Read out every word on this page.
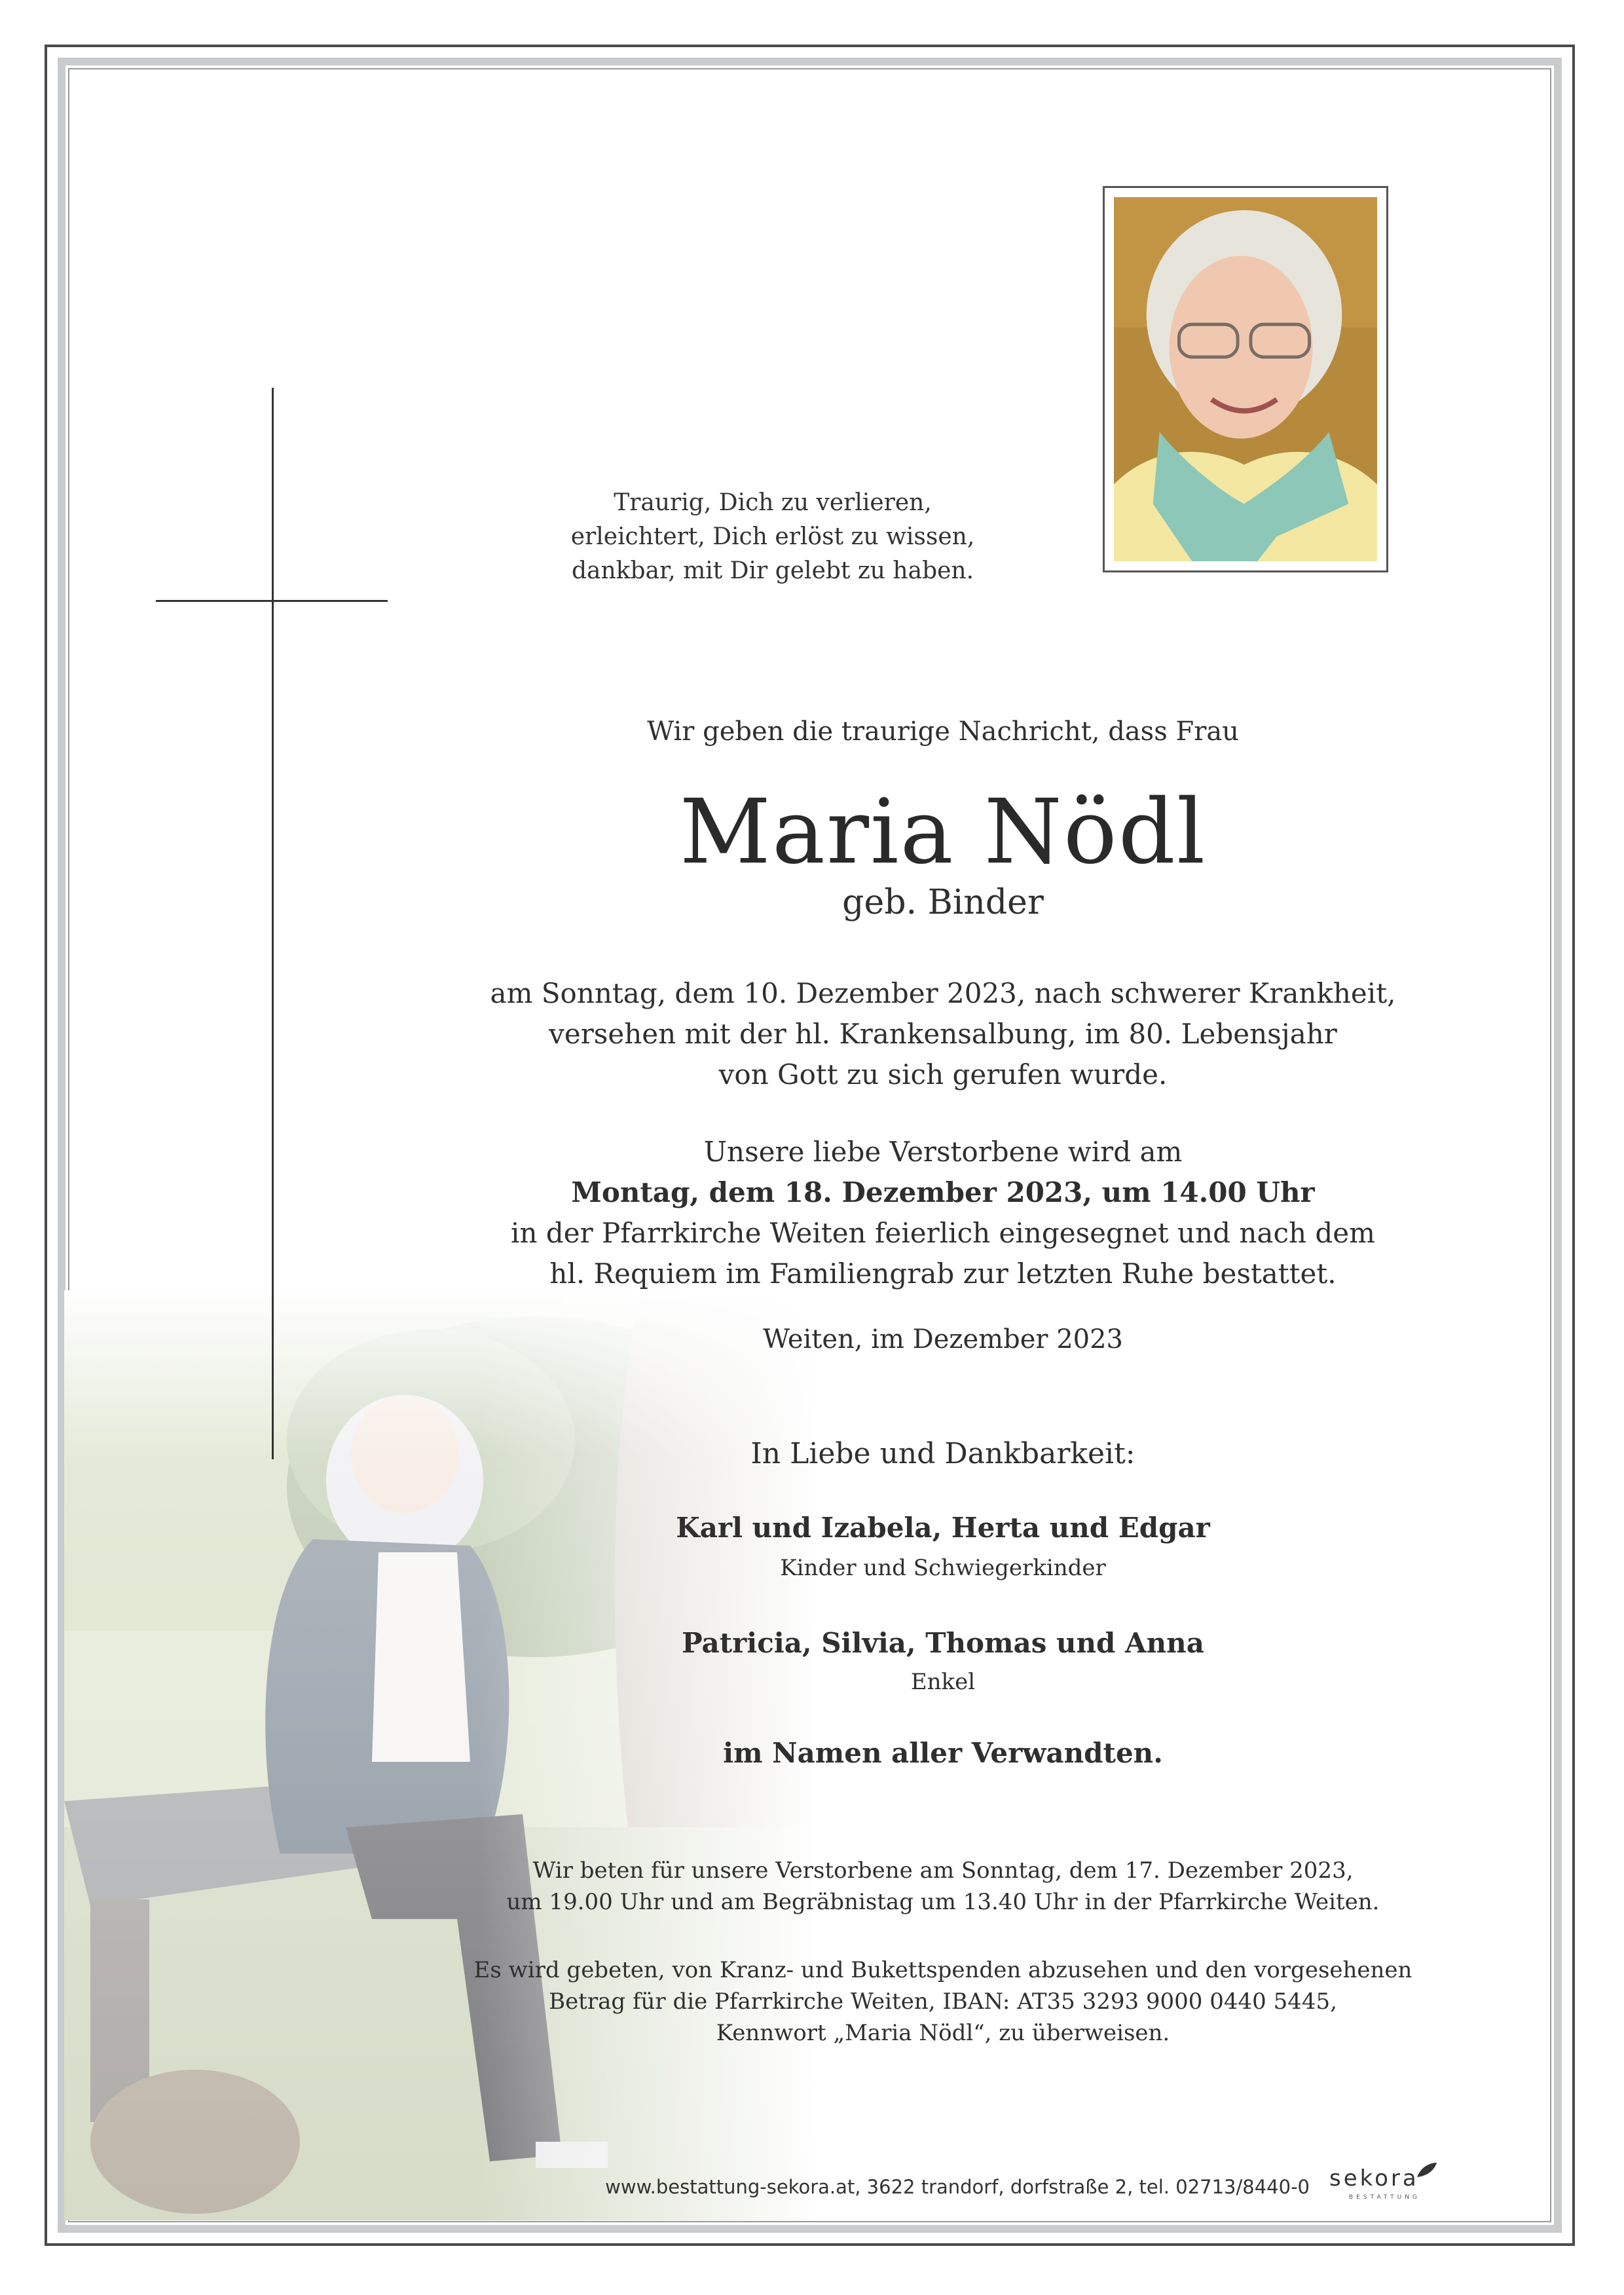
Traurig, Dich zu verlieren,
erleichtert, Dich erlöst zu wissen,
dankbar, mit Dir gelebt zu haben.
Wir geben die traurige Nachricht, dass Frau
Maria Nödl
geb. Binder
am Sonntag, dem 10. Dezember 2023, nach schwerer Krankheit,
versehen mit der hl. Krankensalbung, im 80. Lebensjahr
von Gott zu sich gerufen wurde.
Unsere liebe Verstorbene wird am
Montag, dem 18. Dezember 2023, um 14.00 Uhr
in der Pfarrkirche Weiten feierlich eingesegnet und nach dem
hl. Requiem im Familiengrab zur letzten Ruhe bestattet.
Weiten, im Dezember 2023
In Liebe und Dankbarkeit:
Karl und Izabela, Herta und Edgar
Kinder und Schwiegerkinder
Patricia, Silvia, Thomas und Anna
Enkel
im Namen aller Verwandten.
Wir beten für unsere Verstorbene am Sonntag, dem 17. Dezember 2023,
um 19.00 Uhr und am Begräbnistag um 13.40 Uhr in der Pfarrkirche Weiten.
Es wird gebeten, von Kranz- und Bukettspenden abzusehen und den vorgesehenen
Betrag für die Pfarrkirche Weiten, IBAN: AT35 3293 9000 0440 5445,
Kennwort „Maria Nödl“, zu überweisen.
www.bestattung-sekora.at, 3622 trandorf, dorfstraße 2, tel. 02713/8440-0 sekora
BESTATTUNG
